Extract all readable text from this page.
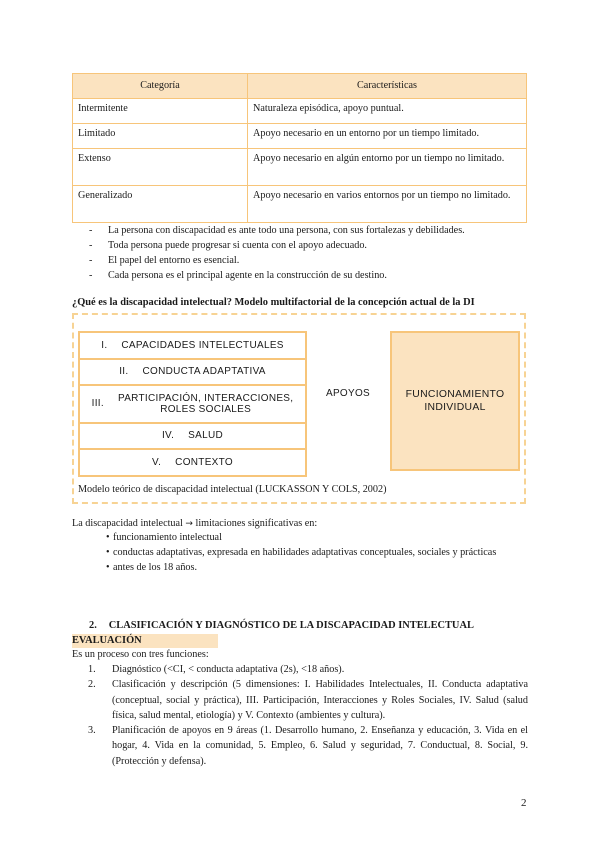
Categoría	Características
Intermitente	Naturaleza episódica, apoyo puntual.
Limitado	Apoyo necesario en un entorno por un tiempo limitado.
Extenso	Apoyo necesario en algún entorno por un tiempo no limitado.
Generalizado	Apoyo necesario en varios entornos por un tiempo no limitado.
- La persona con discapacidad es ante todo una persona, con sus fortalezas y debilidades.
- Toda persona puede progresar si cuenta con el apoyo adecuado.
- El papel del entorno es esencial.
- Cada persona es el principal agente en la construcción de su destino.
¿Qué es la discapacidad intelectual? Modelo multifactorial de la concepción actual de la DI
I. CAPACIDADES INTELECTUALES
II. CONDUCTA ADAPTATIVA
III.
PARTICIPACIÓN, INTERACCIONES,
ROLES SOCIALES
IV. SALUD
V. CONTEXTO
APOYOS	FUNCIONAMIENTO INDIVIDUAL
Modelo teórico de discapacidad intelectual (LUCKASSON Y COLS, 2002)
La discapacidad intelectual → limitaciones significativas en:
• funcionamiento intelectual
• conductas adaptativas, expresada en habilidades adaptativas conceptuales, sociales y prácticas
• antes de los 18 años.
2. CLASIFICACIÓN Y DIAGNÓSTICO DE LA DISCAPACIDAD INTELECTUAL
EVALUACIÓN
Es un proceso con tres funciones:
1. Diagnóstico (<CI, < conducta adaptativa (2s), <18 años).
2. Clasificación y descripción (5 dimensiones: I. Habilidades Intelectuales, II. Conducta adaptativa (conceptual, social y práctica), III. Participación, Interacciones y Roles Sociales, IV. Salud (salud física, salud mental, etiología) y V. Contexto (ambientes y cultura).
3. Planificación de apoyos en 9 áreas (1. Desarrollo humano, 2. Enseñanza y educación, 3. Vida en el hogar, 4. Vida en la comunidad, 5. Empleo, 6. Salud y seguridad, 7. Conductual, 8. Social, 9. (Protección y defensa).
2
